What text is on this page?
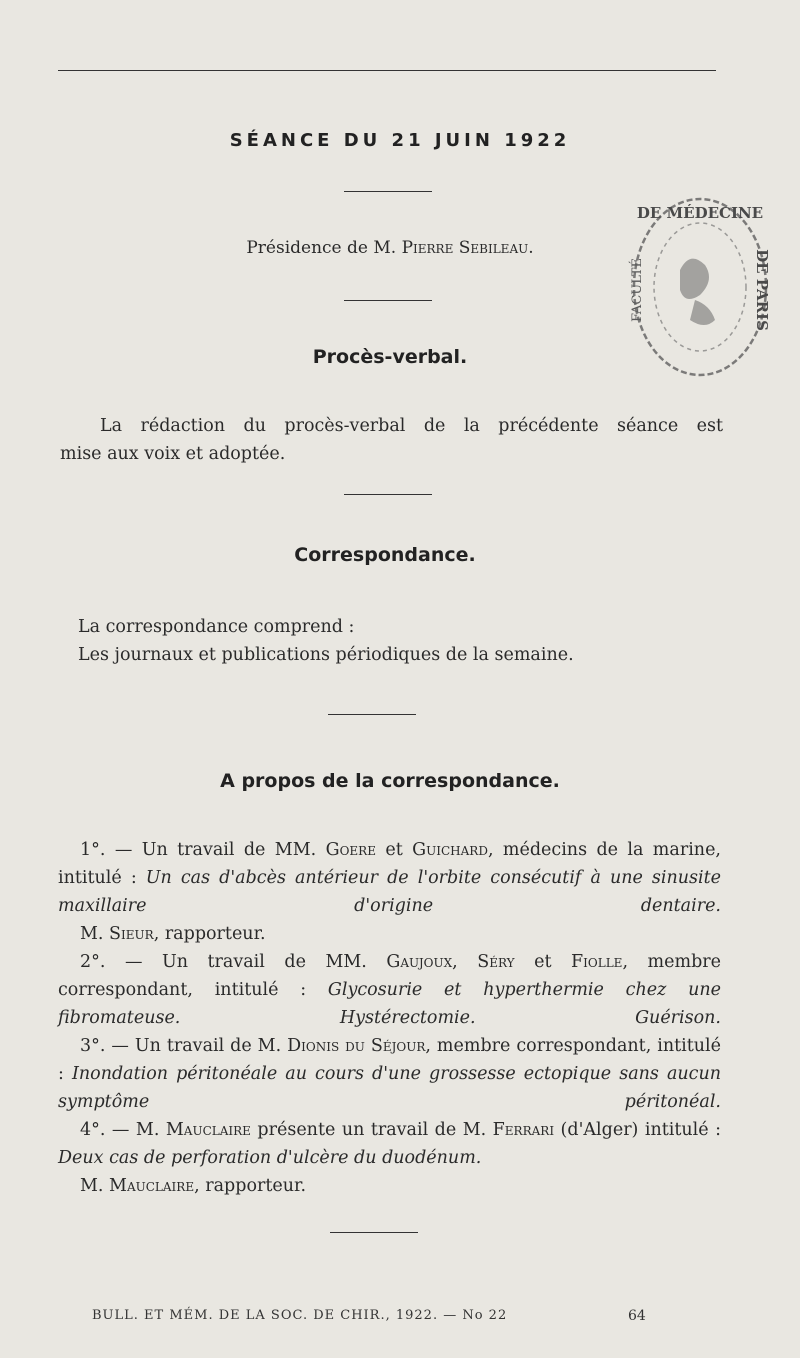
SÉANCE DU 21 JUIN 1922
Présidence de M. Pierre Sebileau.
Procès-verbal.

La rédaction du procès-verbal de la précédente séance est

mise aux voix et adoptée.

Correspondance.

La correspondance comprend :

Les journaux et publications périodiques de la semaine.

A propos de la correspondance.

1°. — Un travail de MM. Goere et Guichard, médecins de la marine, intitulé : Un cas d'abcès antérieur de l'orbite consécutif à une sinusite maxillaire d'origine dentaire.

M. Sieur, rapporteur.

2°. — Un travail de MM. Gaujoux, Séry et Fiolle, membre correspondant, intitulé : Glycosurie et hyperthermie chez une fibromateuse. Hystérectomie. Guérison.

3°. — Un travail de M. Dionis du Séjour, membre correspondant, intitulé : Inondation péritonéale au cours d'une grossesse ectopique sans aucun symptôme péritonéal.

4°. — M. Mauclaire présente un travail de M. Ferrari (d'Alger) intitulé : Deux cas de perforation d'ulcère du duodénum.

M. Mauclaire, rapporteur.

BULL. ET MÉM. DE LA SOC. DE CHIR., 1922. — No 22	64
DE MÉDECINE
DE PARIS
FACULTÉ
